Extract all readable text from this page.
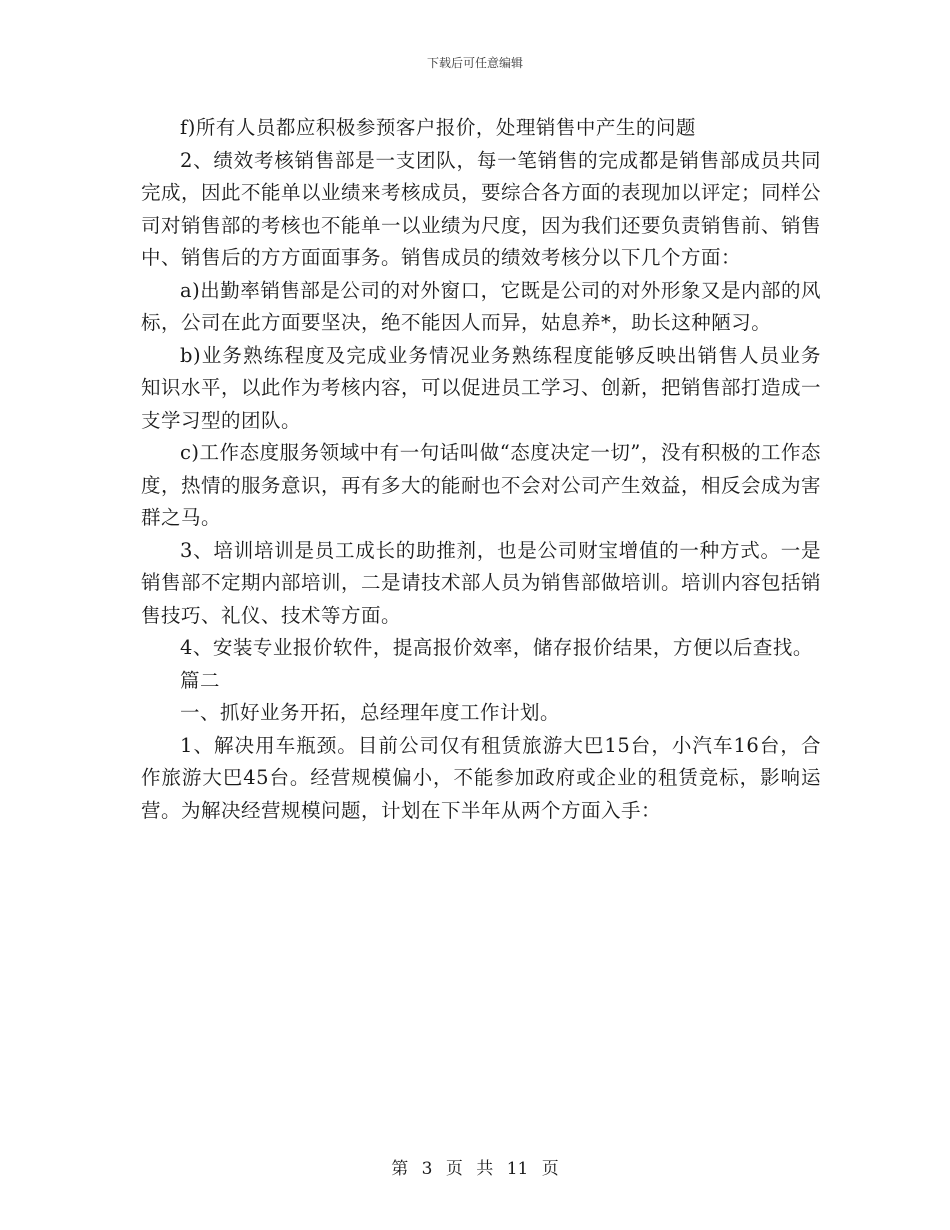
下载后可任意编辑

f)所有人员都应积极参预客户报价，处理销售中产生的问题

2、绩效考核销售部是一支团队，每一笔销售的完成都是销售部成员共同完成，因此不能单以业绩来考核成员，要综合各方面的表现加以评定；同样公司对销售部的考核也不能单一以业绩为尺度，因为我们还要负责销售前、销售中、销售后的方方面面事务。销售成员的绩效考核分以下几个方面：

a)出勤率销售部是公司的对外窗口，它既是公司的对外形象又是内部的风标，公司在此方面要坚决，绝不能因人而异，姑息养*，助长这种陋习。

b)业务熟练程度及完成业务情况业务熟练程度能够反映出销售人员业务知识水平，以此作为考核内容，可以促进员工学习、创新，把销售部打造成一支学习型的团队。

c)工作态度服务领域中有一句话叫做“态度决定一切”，没有积极的工作态度，热情的服务意识，再有多大的能耐也不会对公司产生效益，相反会成为害群之马。

3、培训培训是员工成长的助推剂，也是公司财宝增值的一种方式。一是销售部不定期内部培训，二是请技术部人员为销售部做培训。培训内容包括销售技巧、礼仪、技术等方面。

4、安装专业报价软件，提高报价效率，储存报价结果，方便以后查找。

篇二

一、抓好业务开拓，总经理年度工作计划。

1、解决用车瓶颈。目前公司仅有租赁旅游大巴15台，小汽车16台，合作旅游大巴45台。经营规模偏小，不能参加政府或企业的租赁竞标，影响运营。为解决经营规模问题，计划在下半年从两个方面入手：

第 3 页 共 11 页
